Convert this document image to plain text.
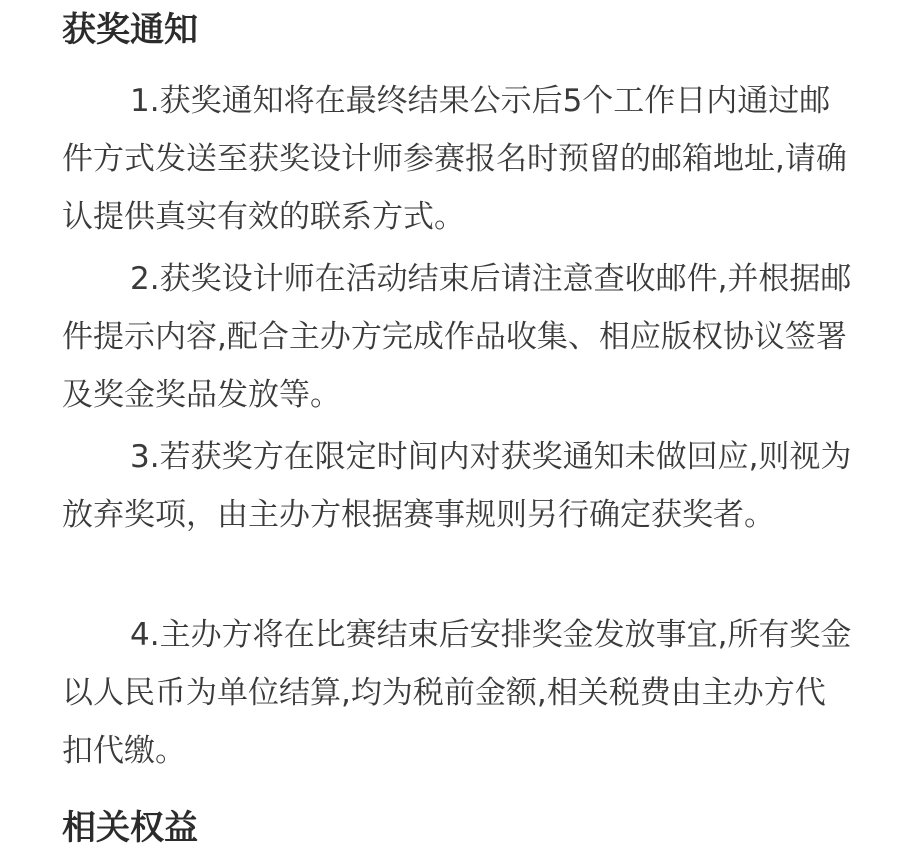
获奖通知

1.获奖通知将在最终结果公示后5个工作日内通过邮件方式发送至获奖设计师参赛报名时预留的邮箱地址,请确认提供真实有效的联系方式。

2.获奖设计师在活动结束后请注意查收邮件,并根据邮件提示内容,配合主办方完成作品收集、相应版权协议签署及奖金奖品发放等。

3.若获奖方在限定时间内对获奖通知未做回应,则视为放弃奖项，由主办方根据赛事规则另行确定获奖者。

4.主办方将在比赛结束后安排奖金发放事宜,所有奖金以人民币为单位结算,均为税前金额,相关税费由主办方代扣代缴。

相关权益
